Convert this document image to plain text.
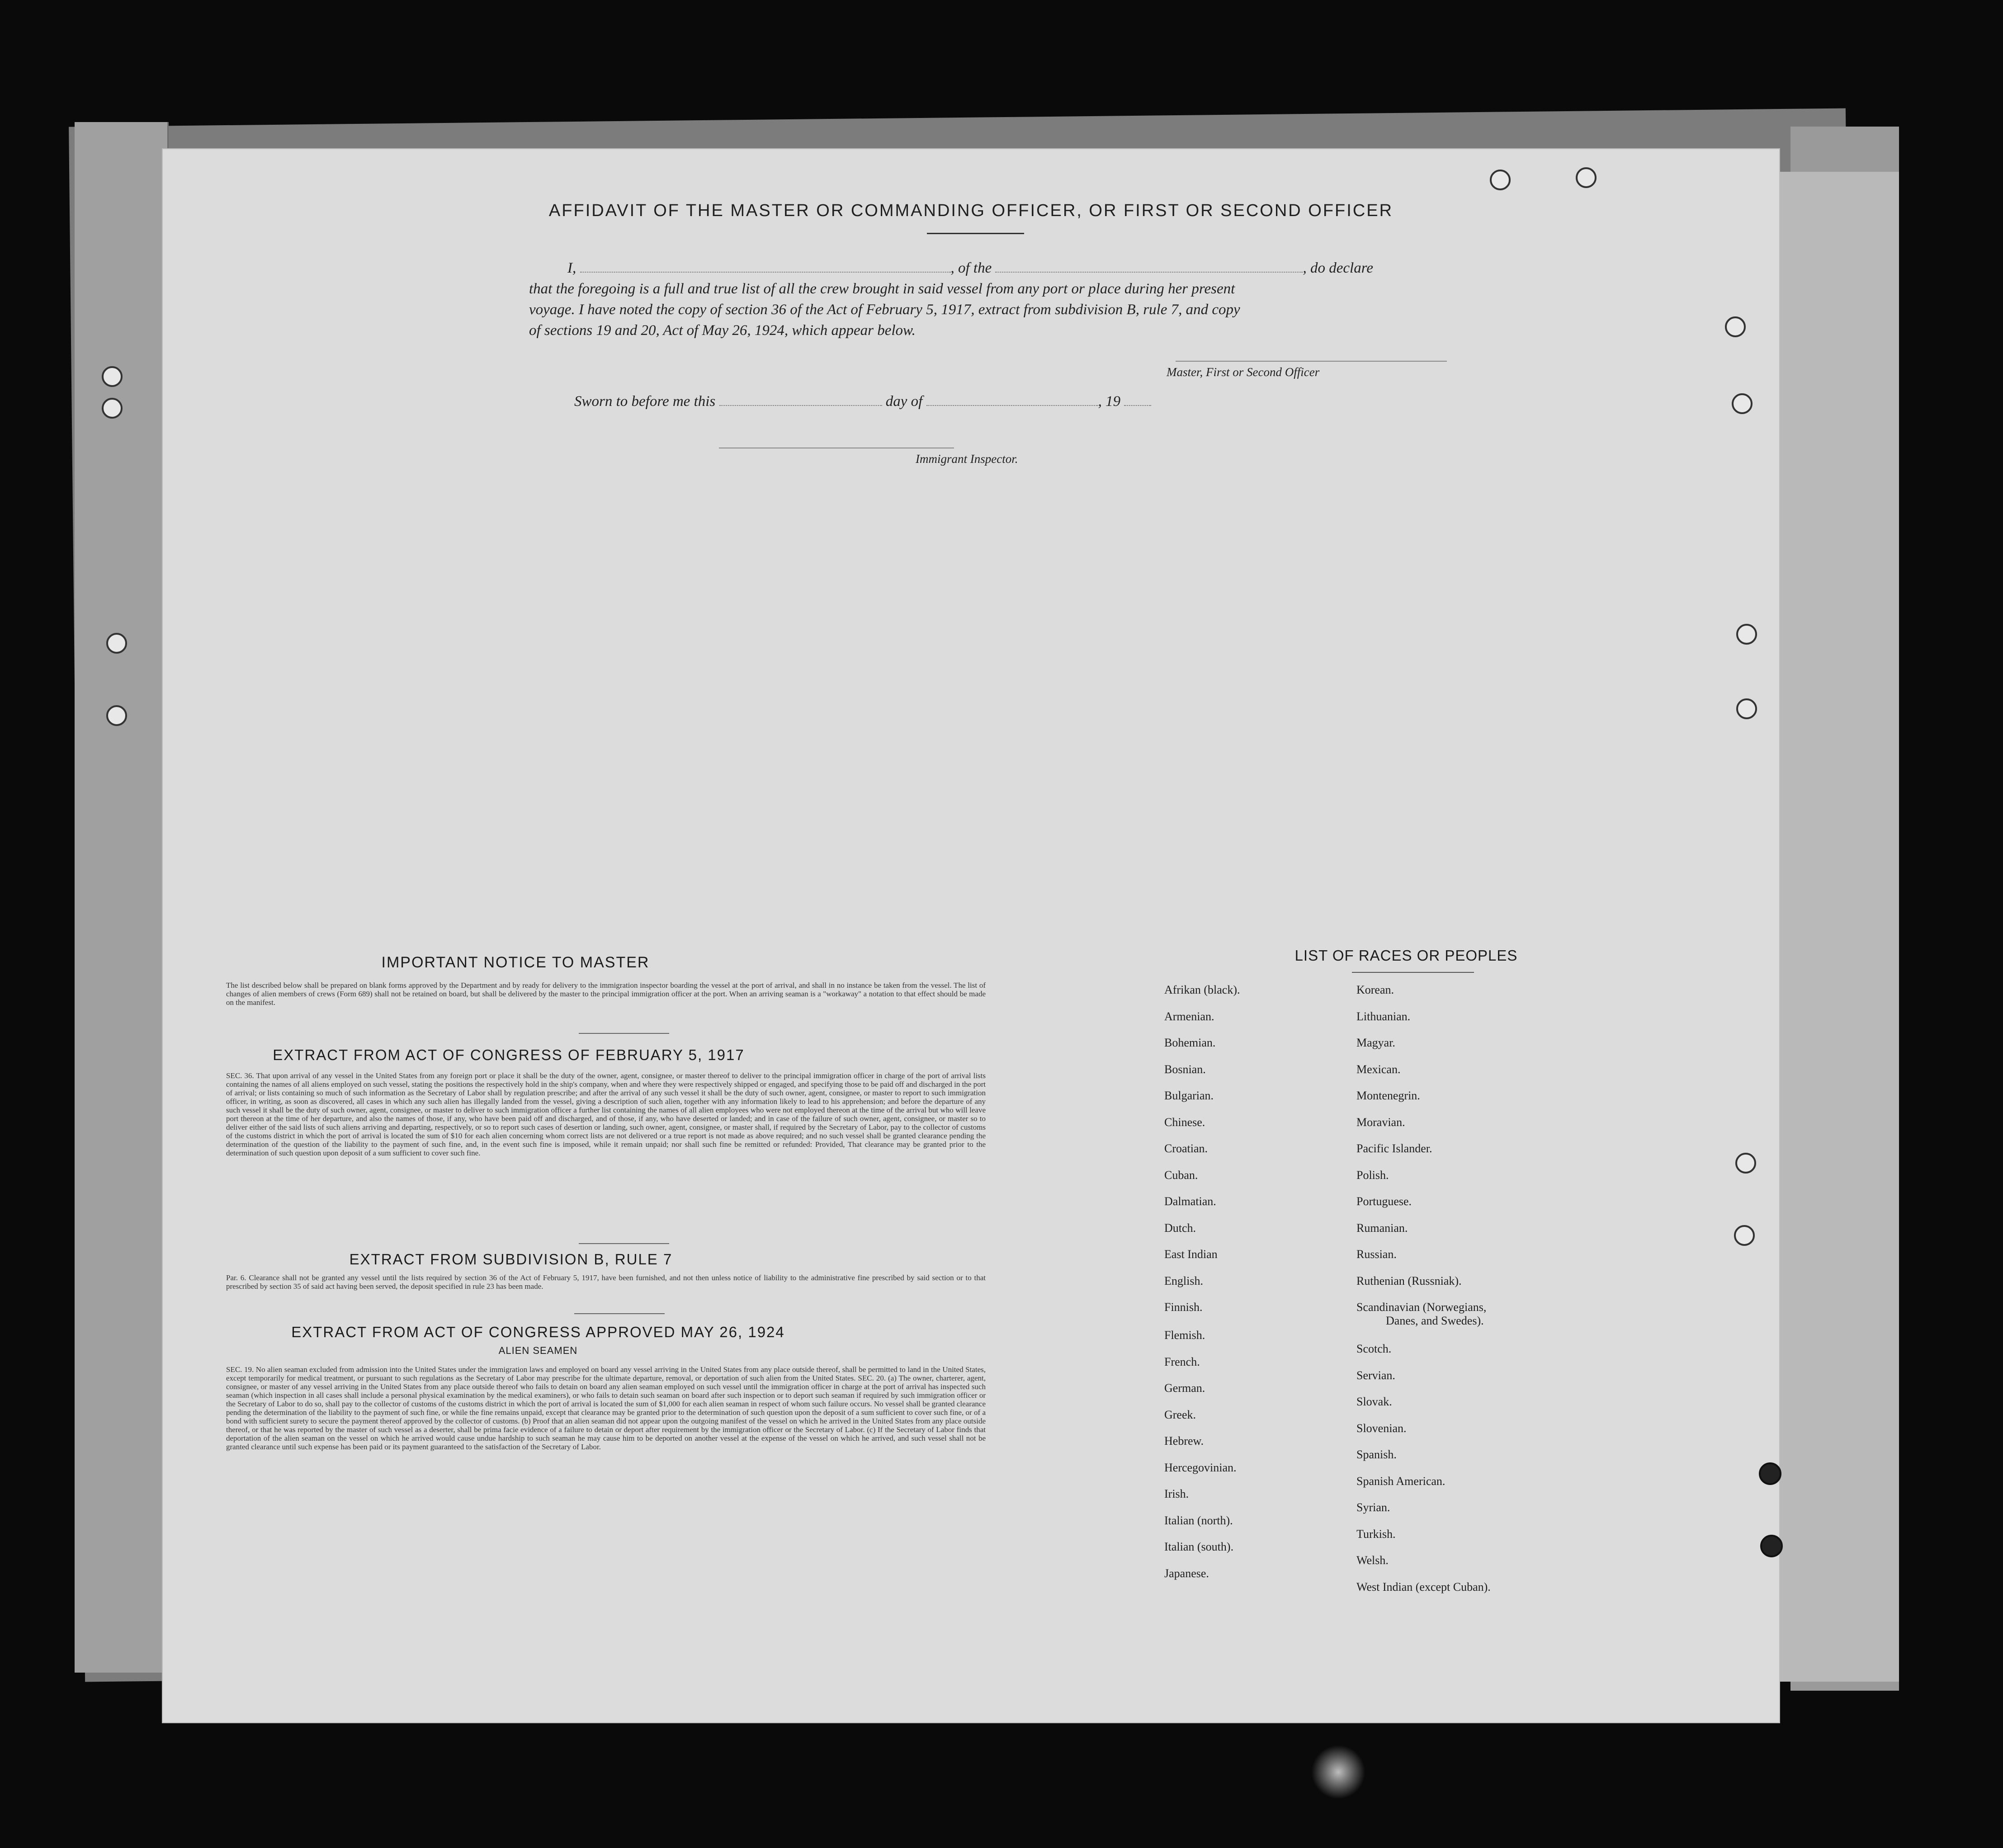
AFFIDAVIT OF THE MASTER OR COMMANDING OFFICER, OR FIRST OR SECOND OFFICER
I,	, of the	, do declare
that the foregoing is a full and true list of all the crew brought in said vessel from any port or place during her present
voyage. I have noted the copy of section 36 of the Act of February 5, 1917, extract from subdivision B, rule 7, and copy
of sections 19 and 20, Act of May 26, 1924, which appear below.
Master, First or Second Officer
Sworn to before me this	day of	, 19
Immigrant Inspector.
IMPORTANT NOTICE TO MASTER
The list described below shall be prepared on blank forms approved by the Department and by ready for delivery to the immigration inspector boarding the vessel at the port of arrival, and shall in no instance be taken from the vessel. The list of changes of alien members of crews (Form 689) shall not be retained on board, but shall be delivered by the master to the principal immigration officer at the port. When an arriving seaman is a "workaway" a notation to that effect should be made on the manifest.
EXTRACT FROM ACT OF CONGRESS OF FEBRUARY 5, 1917
SEC. 36. That upon arrival of any vessel in the United States from any foreign port or place it shall be the duty of the owner, agent, consignee, or master thereof to deliver to the principal immigration officer in charge of the port of arrival lists containing the names of all aliens employed on such vessel, stating the positions the respectively hold in the ship's company, when and where they were respectively shipped or engaged, and specifying those to be paid off and discharged in the port of arrival; or lists containing so much of such information as the Secretary of Labor shall by regulation prescribe; and after the arrival of any such vessel it shall be the duty of such owner, agent, consignee, or master to report to such immigration officer, in writing, as soon as discovered, all cases in which any such alien has illegally landed from the vessel, giving a description of such alien, together with any information likely to lead to his apprehension; and before the departure of any such vessel it shall be the duty of such owner, agent, consignee, or master to deliver to such immigration officer a further list containing the names of all alien employees who were not employed thereon at the time of the arrival but who will leave port thereon at the time of her departure, and also the names of those, if any, who have been paid off and discharged, and of those, if any, who have deserted or landed; and in case of the failure of such owner, agent, consignee, or master so to deliver either of the said lists of such aliens arriving and departing, respectively, or so to report such cases of desertion or landing, such owner, agent, consignee, or master shall, if required by the Secretary of Labor, pay to the collector of customs of the customs district in which the port of arrival is located the sum of $10 for each alien concerning whom correct lists are not delivered or a true report is not made as above required; and no such vessel shall be granted clearance pending the determination of the question of the liability to the payment of such fine, and, in the event such fine is imposed, while it remain unpaid; nor shall such fine be remitted or refunded: Provided, That clearance may be granted prior to the determination of such question upon deposit of a sum sufficient to cover such fine.
EXTRACT FROM SUBDIVISION B, RULE 7
Par. 6. Clearance shall not be granted any vessel until the lists required by section 36 of the Act of February 5, 1917, have been furnished, and not then unless notice of liability to the administrative fine prescribed by said section or to that prescribed by section 35 of said act having been served, the deposit specified in rule 23 has been made.
EXTRACT FROM ACT OF CONGRESS APPROVED MAY 26, 1924
ALIEN SEAMEN
SEC. 19. No alien seaman excluded from admission into the United States under the immigration laws and employed on board any vessel arriving in the United States from any place outside thereof, shall be permitted to land in the United States, except temporarily for medical treatment, or pursuant to such regulations as the Secretary of Labor may prescribe for the ultimate departure, removal, or deportation of such alien from the United States. SEC. 20. (a) The owner, charterer, agent, consignee, or master of any vessel arriving in the United States from any place outside thereof who fails to detain on board any alien seaman employed on such vessel until the immigration officer in charge at the port of arrival has inspected such seaman (which inspection in all cases shall include a personal physical examination by the medical examiners), or who fails to detain such seaman on board after such inspection or to deport such seaman if required by such immigration officer or the Secretary of Labor to do so, shall pay to the collector of customs of the customs district in which the port of arrival is located the sum of $1,000 for each alien seaman in respect of whom such failure occurs. No vessel shall be granted clearance pending the determination of the liability to the payment of such fine, or while the fine remains unpaid, except that clearance may be granted prior to the determination of such question upon the deposit of a sum sufficient to cover such fine, or of a bond with sufficient surety to secure the payment thereof approved by the collector of customs. (b) Proof that an alien seaman did not appear upon the outgoing manifest of the vessel on which he arrived in the United States from any place outside thereof, or that he was reported by the master of such vessel as a deserter, shall be prima facie evidence of a failure to detain or deport after requirement by the immigration officer or the Secretary of Labor. (c) If the Secretary of Labor finds that deportation of the alien seaman on the vessel on which he arrived would cause undue hardship to such seaman he may cause him to be deported on another vessel at the expense of the vessel on which he arrived, and such vessel shall not be granted clearance until such expense has been paid or its payment guaranteed to the satisfaction of the Secretary of Labor.
LIST OF RACES OR PEOPLES
Afrikan (black).
Armenian.
Bohemian.
Bosnian.
Bulgarian.
Chinese.
Croatian.
Cuban.
Dalmatian.
Dutch.
East Indian
English.
Finnish.
Flemish.
French.
German.
Greek.
Hebrew.
Hercegovinian.
Irish.
Italian (north).
Italian (south).
Japanese.
Korean.
Lithuanian.
Magyar.
Mexican.
Montenegrin.
Moravian.
Pacific Islander.
Polish.
Portuguese.
Rumanian.
Russian.
Ruthenian (Russniak).
Scandinavian (Norwegians,
Danes, and Swedes).
Scotch.
Servian.
Slovak.
Slovenian.
Spanish.
Spanish American.
Syrian.
Turkish.
Welsh.
West Indian (except Cuban).
